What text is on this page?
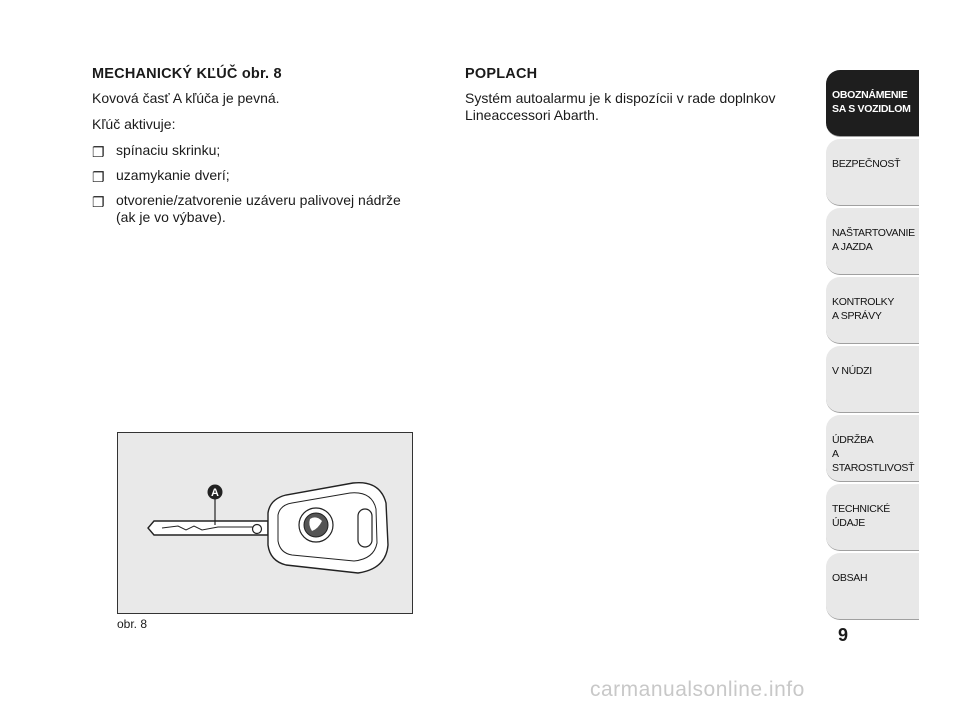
MECHANICKÝ KĽÚČ obr. 8

Kovová časť A kľúča je pevná.

Kľúč aktivuje:

❐ spínaciu skrinku;
❐ uzamykanie dverí;
❐ otvorenie/zatvorenie uzáveru palivovej nádrže (ak je vo výbave).

POPLACH

Systém autoalarmu je k dispozícii v rade doplnkov Lineaccessori Abarth.

A
obr. 8
OBOZNÁMENIE
SA S VOZIDLOM
BEZPEČNOSŤ
NAŠTARTOVANIE
A JAZDA
KONTROLKY
A SPRÁVY
V NÚDZI
ÚDRŽBA
A STAROSTLIVOSŤ
TECHNICKÉ
ÚDAJE
OBSAH
9
carmanualsonline.info
